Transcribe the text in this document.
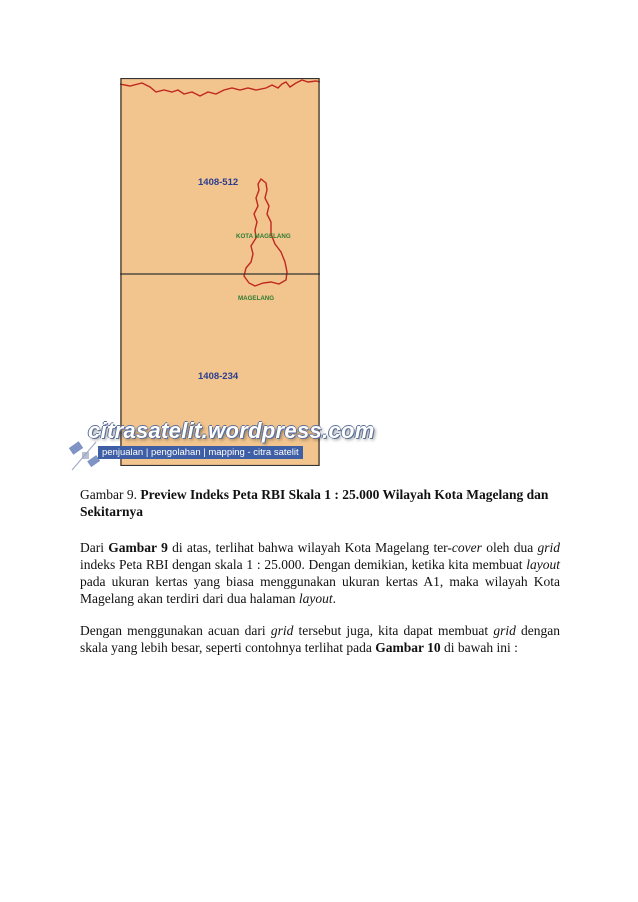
1408-512
KOTA MAGELANG
MAGELANG
1408-234
citrasatelit.wordpress.com
penjualan | pengolahan | mapping - citra satelit

Gambar 9. Preview Indeks Peta RBI Skala 1 : 25.000 Wilayah Kota Magelang dan
Sekitarnya

Dari Gambar 9 di atas, terlihat bahwa wilayah Kota Magelang ter-cover oleh dua grid indeks Peta RBI dengan skala 1 : 25.000. Dengan demikian, ketika kita membuat layout pada ukuran kertas yang biasa menggunakan ukuran kertas A1, maka wilayah Kota Magelang akan terdiri dari dua halaman layout.

Dengan menggunakan acuan dari grid tersebut juga, kita dapat membuat grid dengan skala yang lebih besar, seperti contohnya terlihat pada Gambar 10 di bawah ini :
